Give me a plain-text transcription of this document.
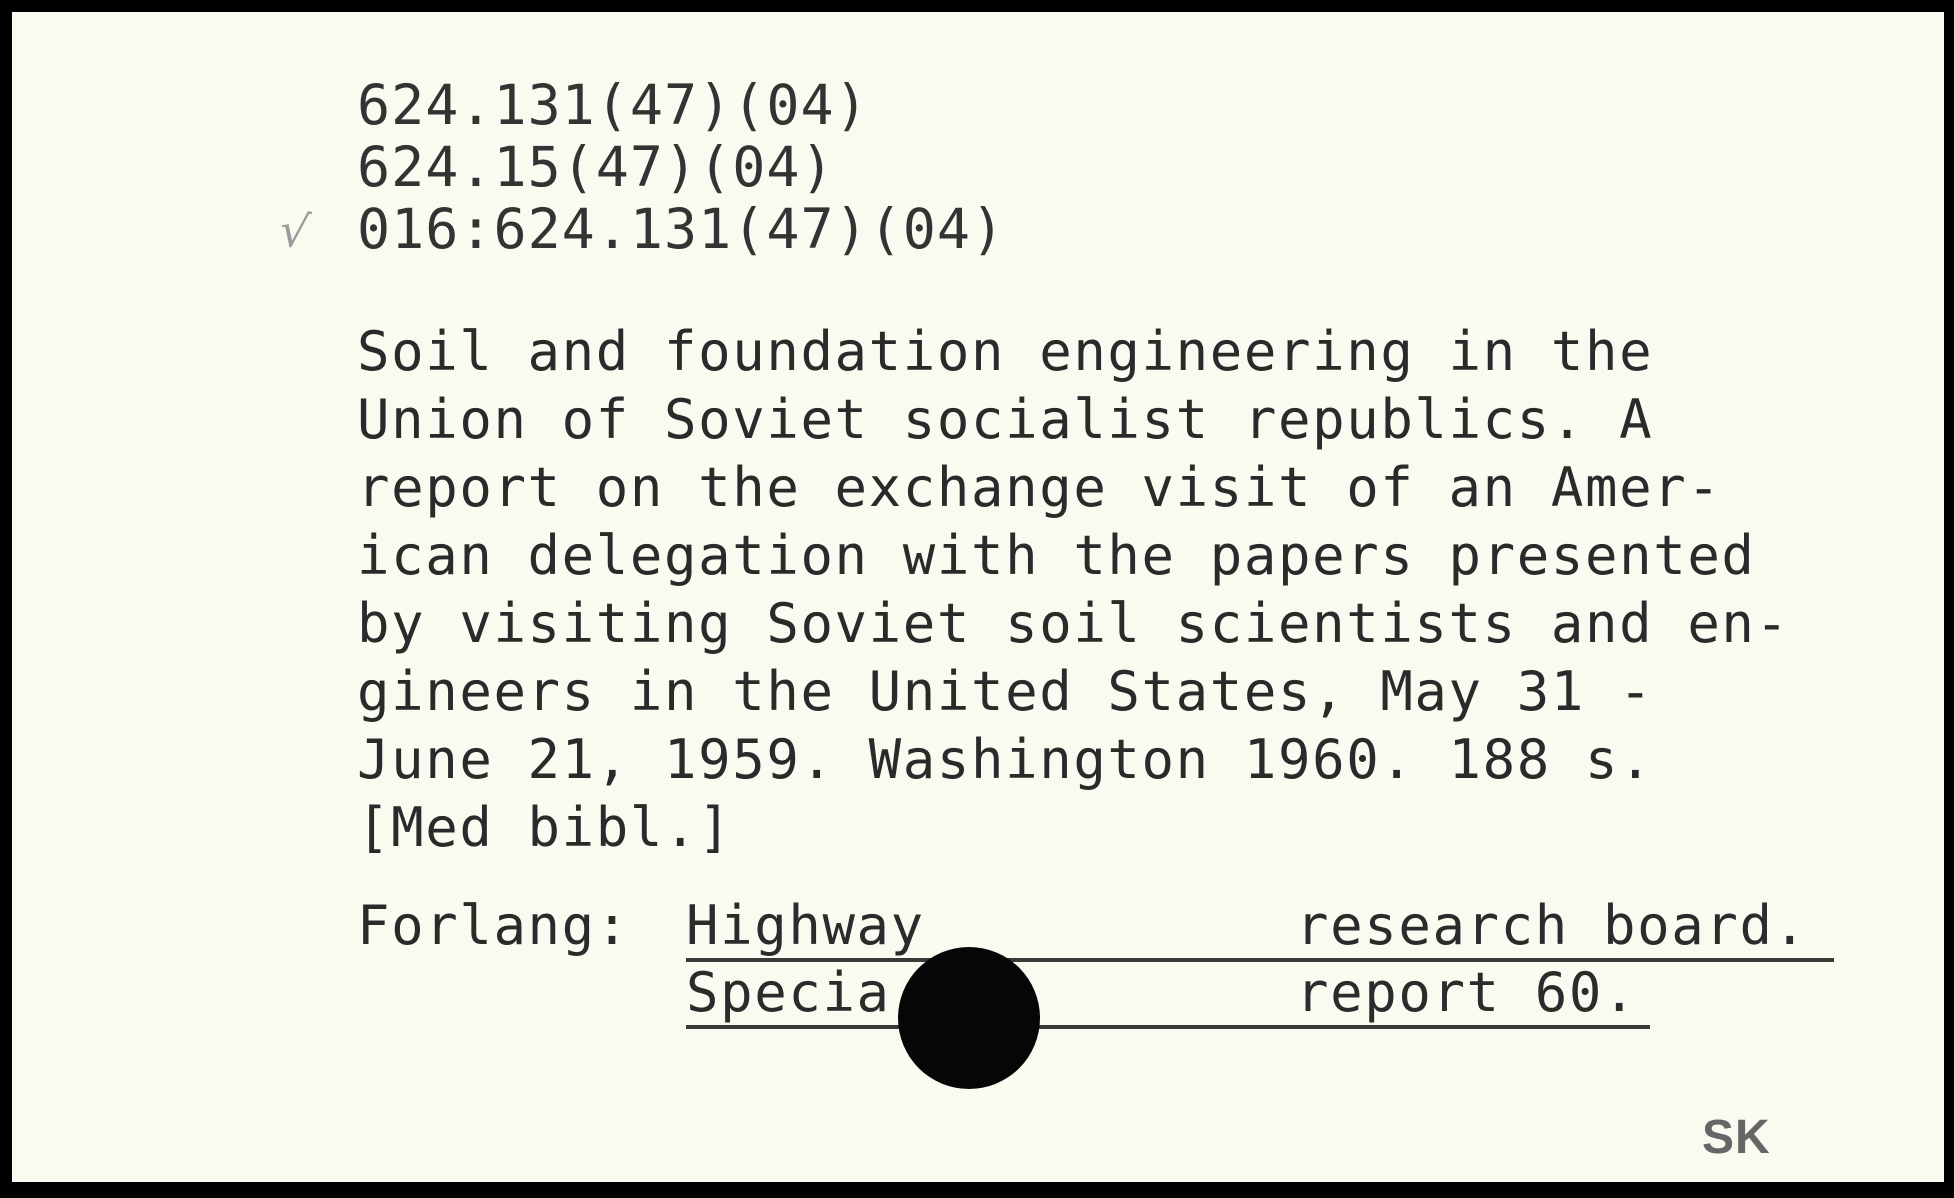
√
624.131(47)(04)
624.15(47)(04)
016:624.131(47)(04)
Soil and foundation engineering in the
Union of Soviet socialist republics. A
report on the exchange visit of an Amer-
ican delegation with the papers presented
by visiting Soviet soil scientists and en-
gineers in the United States, May 31 -
June 21, 1959. Washington 1960. 188 s.
[Med bibl.]
Forlang: Highway	research board.
Specia	report 60.
SK
